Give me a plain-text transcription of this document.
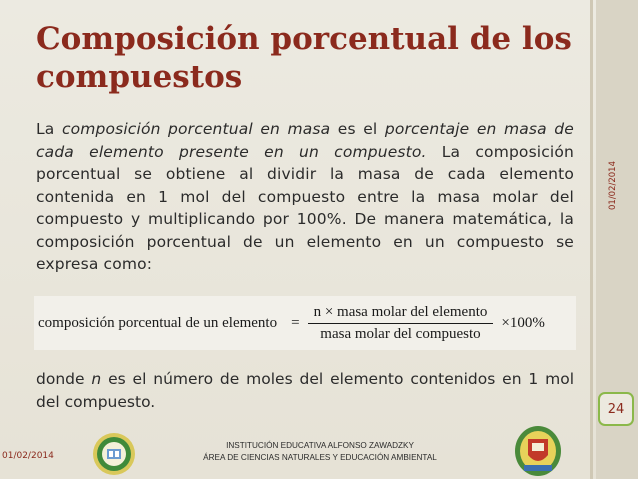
Composición porcentual de los compuestos
La composición porcentual en masa es el porcentaje en masa de cada elemento presente en un compuesto. La composición porcentual se obtiene al dividir la masa de cada elemento contenida en 1 mol del compuesto entre la masa molar del compuesto y multiplicando por 100%. De manera matemática, la composición porcentual de un elemento en un compuesto se expresa como:
composición porcentual de un elemento = $\frac{\text{n × masa molar del elemento}}{\text{masa molar del compuesto}} \times 100\%$
donde n es el número de moles del elemento contenidos en 1 mol del compuesto.
01/02/2014
24
01/02/2014
INSTITUCIÓN EDUCATIVA ALFONSO ZAWADZKY
ÁREA DE CIENCIAS NATURALES Y EDUCACIÓN AMBIENTAL
